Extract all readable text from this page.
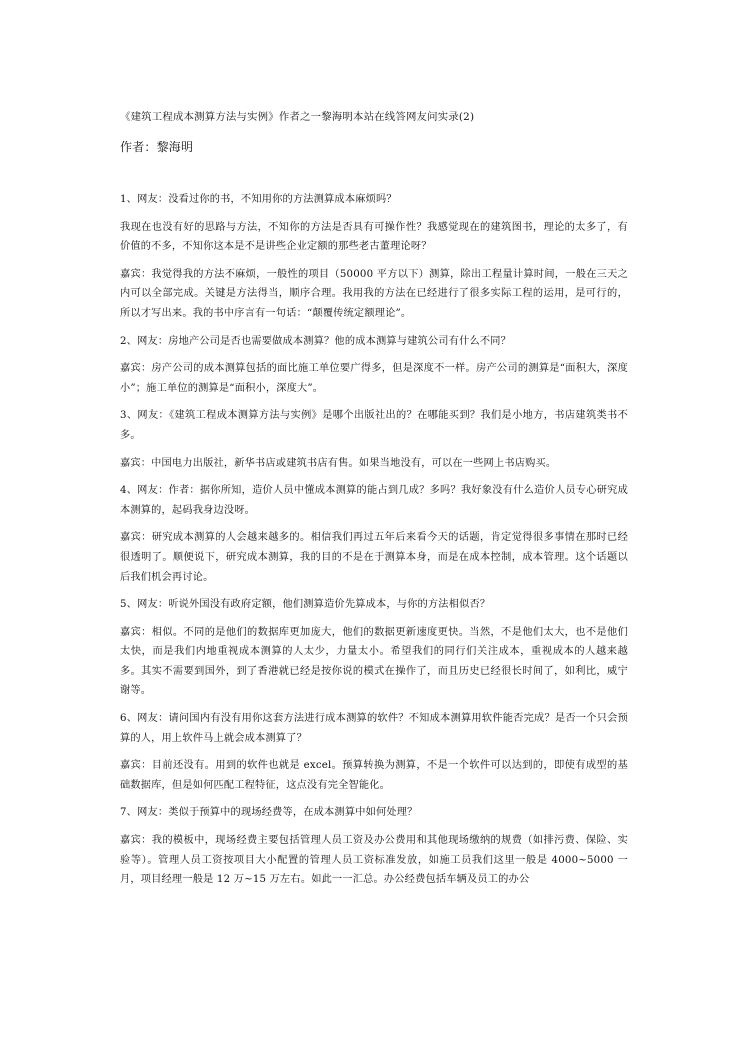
《建筑工程成本测算方法与实例》作者之一黎海明本站在线答网友问实录(2)
作者：黎海明
1、网友：没看过你的书，不知用你的方法测算成本麻烦吗？
我现在也没有好的思路与方法，不知你的方法是否具有可操作性？我感觉现在的建筑图书，理论的太多了，有价值的不多，不知你这本是不是讲些企业定额的那些老古董理论呀？
嘉宾：我觉得我的方法不麻烦，一般性的项目（50000 平方以下）测算，除出工程量计算时间，一般在三天之内可以全部完成。关键是方法得当，顺序合理。我用我的方法在已经进行了很多实际工程的运用，是可行的，所以才写出来。我的书中序言有一句话：“颠覆传统定额理论”。
2、网友：房地产公司是否也需要做成本测算？他的成本测算与建筑公司有什么不同？
嘉宾：房产公司的成本测算包括的面比施工单位要广得多，但是深度不一样。房产公司的测算是“面积大，深度小”；施工单位的测算是“面积小，深度大”。
3、网友：《建筑工程成本测算方法与实例》是哪个出版社出的？在哪能买到？我们是小地方，书店建筑类书不多。
嘉宾：中国电力出版社，新华书店或建筑书店有售。如果当地没有，可以在一些网上书店购买。
4、网友：作者：据你所知，造价人员中懂成本测算的能占到几成？多吗？我好象没有什么造价人员专心研究成本测算的，起码我身边没呀。
嘉宾：研究成本测算的人会越来越多的。相信我们再过五年后来看今天的话题，肯定觉得很多事情在那时已经很透明了。顺便说下，研究成本测算，我的目的不是在于测算本身，而是在成本控制，成本管理。这个话题以后我们机会再讨论。
5、网友：听说外国没有政府定额，他们测算造价先算成本，与你的方法相似否？
嘉宾：相似。不同的是他们的数据库更加庞大，他们的数据更新速度更快。当然，不是他们太大，也不是他们太快，而是我们内地重视成本测算的人太少，力量太小。希望我们的同行们关注成本，重视成本的人越来越多。其实不需要到国外，到了香港就已经是按你说的模式在操作了，而且历史已经很长时间了，如利比，威宁谢等。
6、网友：请问国内有没有用你这套方法进行成本测算的软件？不知成本测算用软件能否完成？是否一个只会预算的人，用上软件马上就会成本测算了？
嘉宾：目前还没有。用到的软件也就是 excel。预算转换为测算，不是一个软件可以达到的，即使有成型的基础数据库，但是如何匹配工程特征，这点没有完全智能化。
7、网友：类似于预算中的现场经费等，在成本测算中如何处理？
嘉宾：我的模板中，现场经费主要包括管理人员工资及办公费用和其他现场缴纳的规费（如排污费、保险、实验等）。管理人员工资按项目大小配置的管理人员工资标准发放，如施工员我们这里一般是 4000~5000 一月，项目经理一般是 12 万~15 万左右。如此一一汇总。办公经费包括车辆及员工的办公
